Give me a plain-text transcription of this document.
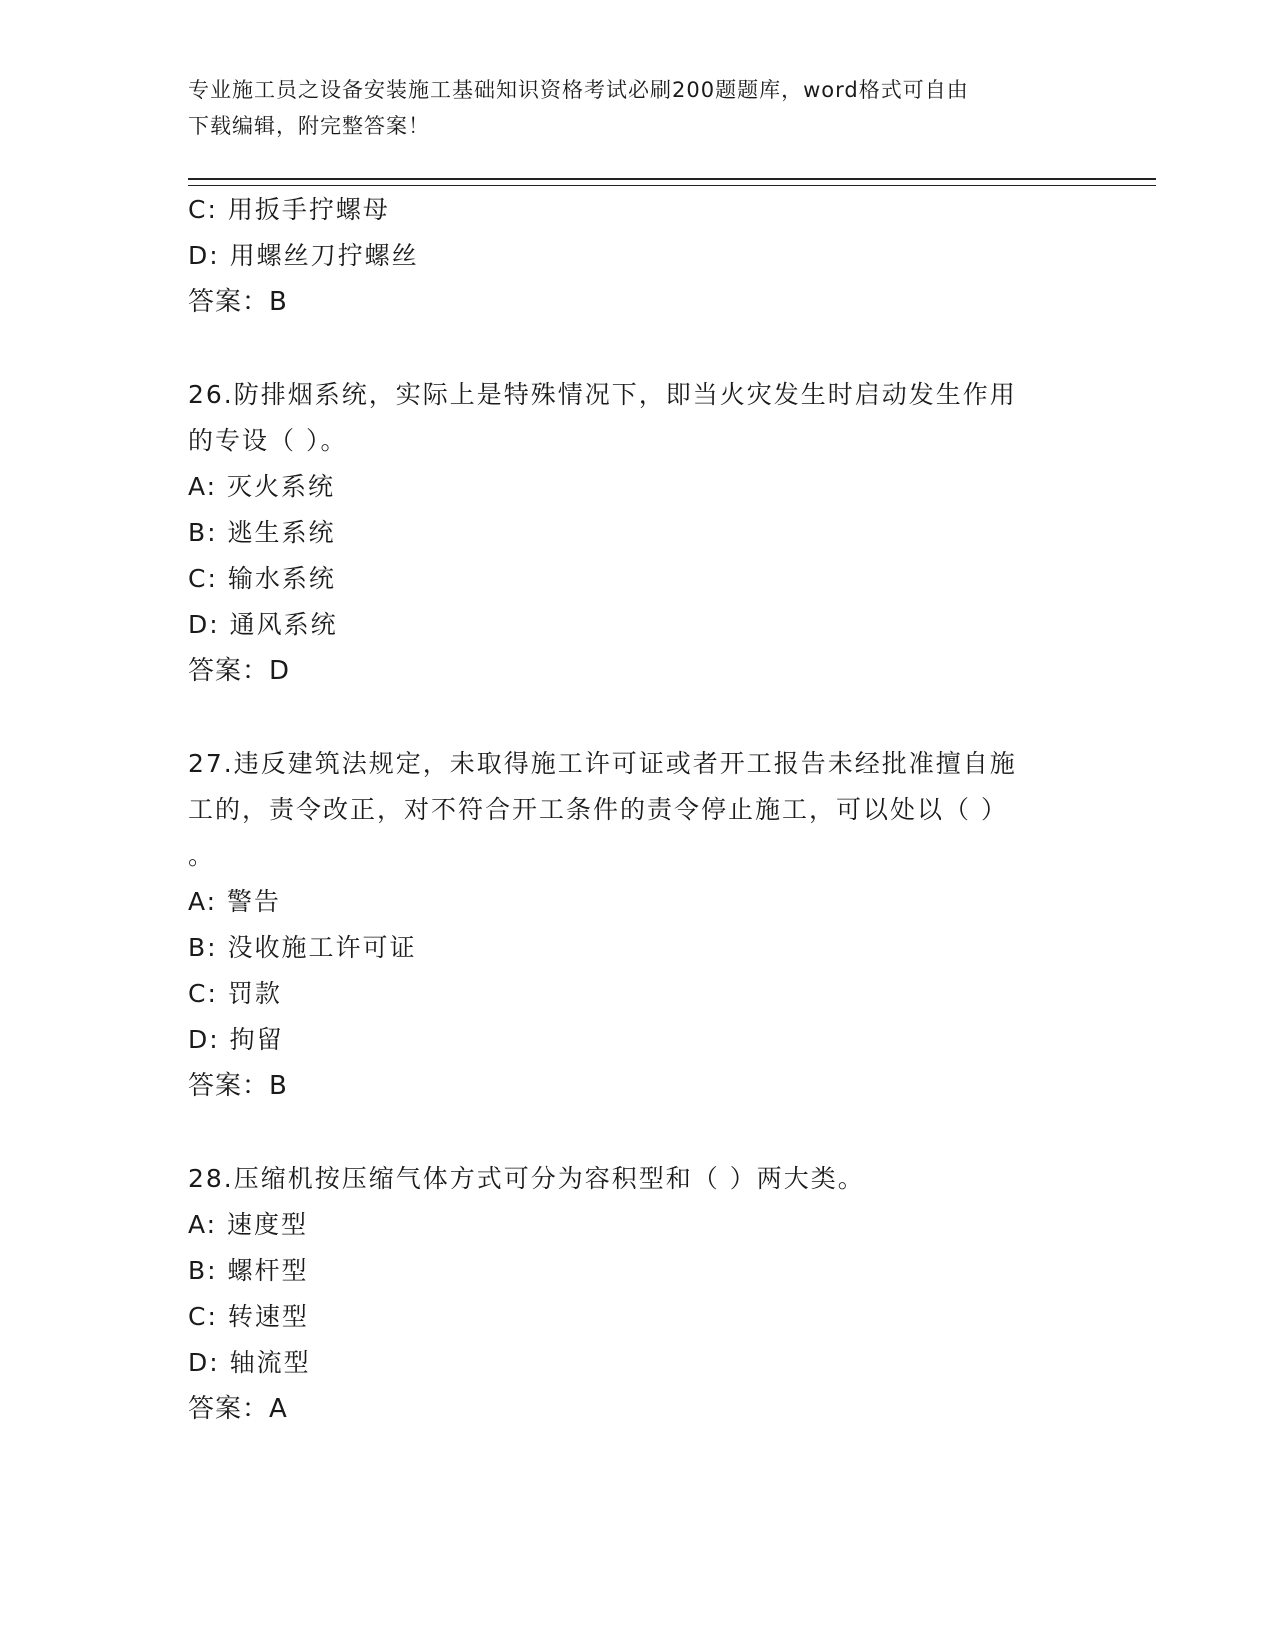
专业施工员之设备安装施工基础知识资格考试必刷200题题库，word格式可自由
下载编辑，附完整答案！
C: 用扳手拧螺母
D: 用螺丝刀拧螺丝
答案：B
26.防排烟系统，实际上是特殊情况下，即当火灾发生时启动发生作用
的专设（ ）。
A: 灭火系统
B: 逃生系统
C: 输水系统
D: 通风系统
答案：D
27.违反建筑法规定，未取得施工许可证或者开工报告未经批准擅自施
工的，责令改正，对不符合开工条件的责令停止施工，可以处以（ ）
。
A: 警告
B: 没收施工许可证
C: 罚款
D: 拘留
答案：B
28.压缩机按压缩气体方式可分为容积型和（ ）两大类。
A: 速度型
B: 螺杆型
C: 转速型
D: 轴流型
答案：A
